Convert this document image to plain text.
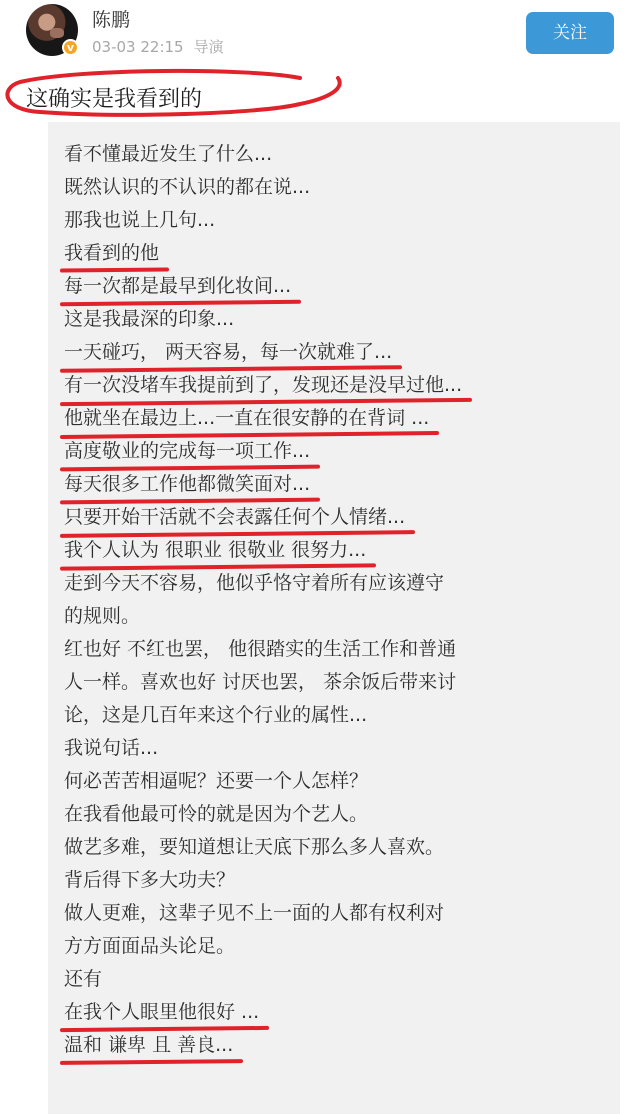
v
陈鹏
03-03 22:15 导演
关注
这确实是我看到的
看不懂最近发生了什么...
既然认识的不认识的都在说...
那我也说上几句...
我看到的他
每一次都是最早到化妆间...
这是我最深的印象...
一天碰巧， 两天容易，每一次就难了...
有一次没堵车我提前到了，发现还是没早过他...
他就坐在最边上...一直在很安静的在背词 ...
高度敬业的完成每一项工作...
每天很多工作他都微笑面对...
只要开始干活就不会表露任何个人情绪...
我个人认为 很职业 很敬业 很努力...
走到今天不容易，他似乎恪守着所有应该遵守
的规则。
红也好 不红也罢， 他很踏实的生活工作和普通
人一样。喜欢也好 讨厌也罢， 茶余饭后带来讨
论，这是几百年来这个行业的属性...
我说句话...
何必苦苦相逼呢？还要一个人怎样？
在我看他最可怜的就是因为个艺人。
做艺多难，要知道想让天底下那么多人喜欢。
背后得下多大功夫？
做人更难，这辈子见不上一面的人都有权利对
方方面面品头论足。
还有
在我个人眼里他很好 ...
温和 谦卑 且 善良...
